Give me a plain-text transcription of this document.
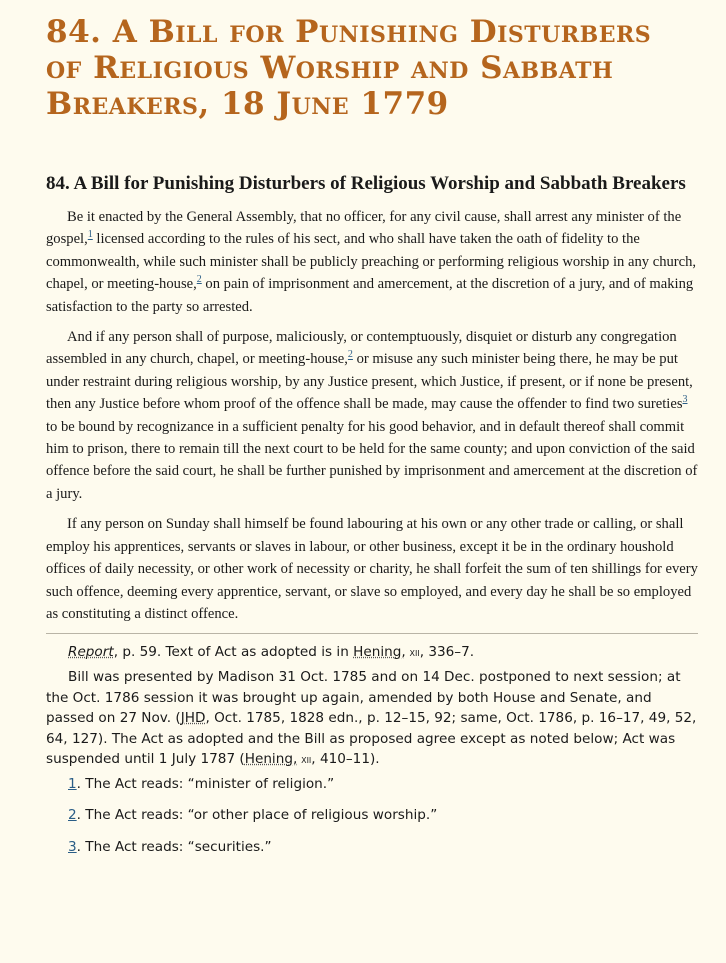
84. A Bill for Punishing Disturbers of Religious Worship and Sabbath Breakers, 18 June 1779
84. A Bill for Punishing Disturbers of Religious Worship and Sabbath Breakers

Be it enacted by the General Assembly, that no officer, for any civil cause, shall arrest any minister of the gospel,$^1$ licensed according to the rules of his sect, and who shall have taken the oath of fidelity to the commonwealth, while such minister shall be publicly preaching or performing religious worship in any church, chapel, or meeting-house,$^2$ on pain of imprisonment and amercement, at the discretion of a jury, and of making satisfaction to the party so arrested.

And if any person shall of purpose, maliciously, or contemptuously, disquiet or disturb any congregation assembled in any church, chapel, or meeting-house,$^2$ or misuse any such minister being there, he may be put under restraint during religious worship, by any Justice present, which Justice, if present, or if none be present, then any Justice before whom proof of the offence shall be made, may cause the offender to find two sureties$^3$ to be bound by recognizance in a sufficient penalty for his good behavior, and in default thereof shall commit him to prison, there to remain till the next court to be held for the same county; and upon conviction of the said offence before the said court, he shall be further punished by imprisonment and amercement at the discretion of a jury.

If any person on Sunday shall himself be found labouring at his own or any other trade or calling, or shall employ his apprentices, servants or slaves in labour, or other business, except it be in the ordinary houshold offices of daily necessity, or other work of necessity or charity, he shall forfeit the sum of ten shillings for every such offence, deeming every apprentice, servant, or slave so employed, and every day he shall be so employed as constituting a distinct offence.

Report, p. 59. Text of Act as adopted is in Hening, xii, 336–7.

Bill was presented by Madison 31 Oct. 1785 and on 14 Dec. postponed to next session; at the Oct. 1786 session it was brought up again, amended by both House and Senate, and passed on 27 Nov. (JHD, Oct. 1785, 1828 edn., p. 12–15, 92; same, Oct. 1786, p. 16–17, 49, 52, 64, 127). The Act as adopted and the Bill as proposed agree except as noted below; Act was suspended until 1 July 1787 (Hening, xii, 410–11).

1. The Act reads: “minister of religion.”
2. The Act reads: “or other place of religious worship.”
3. The Act reads: “securities.”
